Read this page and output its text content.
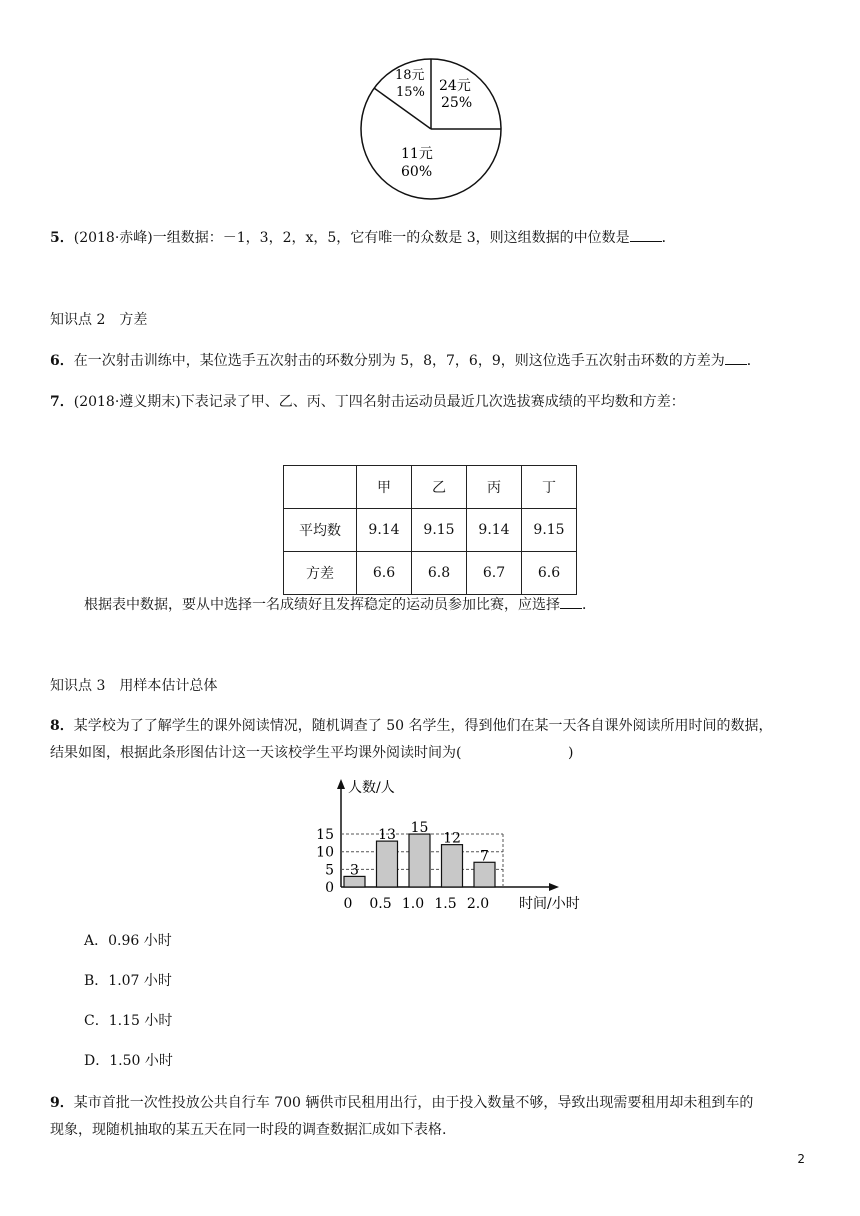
24元
25%
18元
15%
11元
60%
5．(2018·赤峰)一组数据：－1，3，2，x，5，它有唯一的众数是 3，则这组数据的中位数是 ．
知识点 2　方差
6．在一次射击训练中，某位选手五次射击的环数分别为 5，8，7，6，9，则这位选手五次射击环数的方差为 ．
7．(2018·遵义期末)下表记录了甲、乙、丙、丁四名射击运动员最近几次选拔赛成绩的平均数和方差：
	甲	乙	丙	丁
平均数	9.14	9.15	9.14	9.15
方差	6.6	6.8	6.7	6.6
根据表中数据，要从中选择一名成绩好且发挥稳定的运动员参加比赛，应选择 ．
知识点 3　用样本估计总体
8．某学校为了了解学生的课外阅读情况，随机调查了 50 名学生，得到他们在某一天各自课外阅读所用时间的数据，
结果如图，根据此条形图估计这一天该校学生平均课外阅读时间为(	)
人数/人
时间/小时
0
5
10
15
3
0
13
0.5
15
1.0
12
1.5
7
2.0
A．0.96 小时
B．1.07 小时
C．1.15 小时
D．1.50 小时
9．某市首批一次性投放公共自行车 700 辆供市民租用出行，由于投入数量不够，导致出现需要租用却未租到车的
现象，现随机抽取的某五天在同一时段的调查数据汇成如下表格.
2
